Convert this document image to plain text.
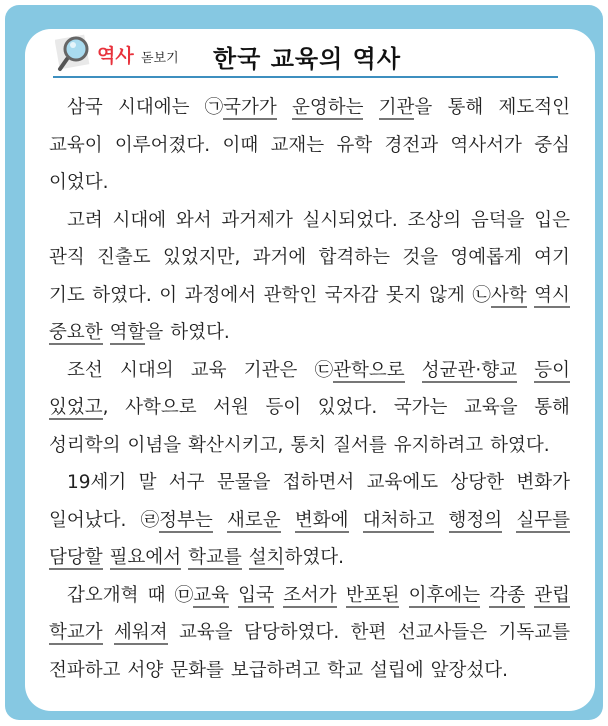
역사 돋보기 한국 교육의 역사
삼국 시대에는 ㉠국가가 운영하는 기관을 통해 제도적인
교육이 이루어졌다. 이때 교재는 유학 경전과 역사서가 중심
이었다.
고려 시대에 와서 과거제가 실시되었다. 조상의 음덕을 입은
관직 진출도 있었지만, 과거에 합격하는 것을 영예롭게 여기
기도 하였다. 이 과정에서 관학인 국자감 못지 않게 ㉡사학 역시
중요한 역할을 하였다.
조선 시대의 교육 기관은 ㉢관학으로 성균관·향교 등이
있었고, 사학으로 서원 등이 있었다. 국가는 교육을 통해
성리학의 이념을 확산시키고, 통치 질서를 유지하려고 하였다.
19세기 말 서구 문물을 접하면서 교육에도 상당한 변화가
일어났다. ㉣정부는 새로운 변화에 대처하고 행정의 실무를
담당할 필요에서 학교를 설치하였다.
갑오개혁 때 ㉤교육 입국 조서가 반포된 이후에는 각종 관립
학교가 세워져 교육을 담당하였다. 한편 선교사들은 기독교를
전파하고 서양 문화를 보급하려고 학교 설립에 앞장섰다.
